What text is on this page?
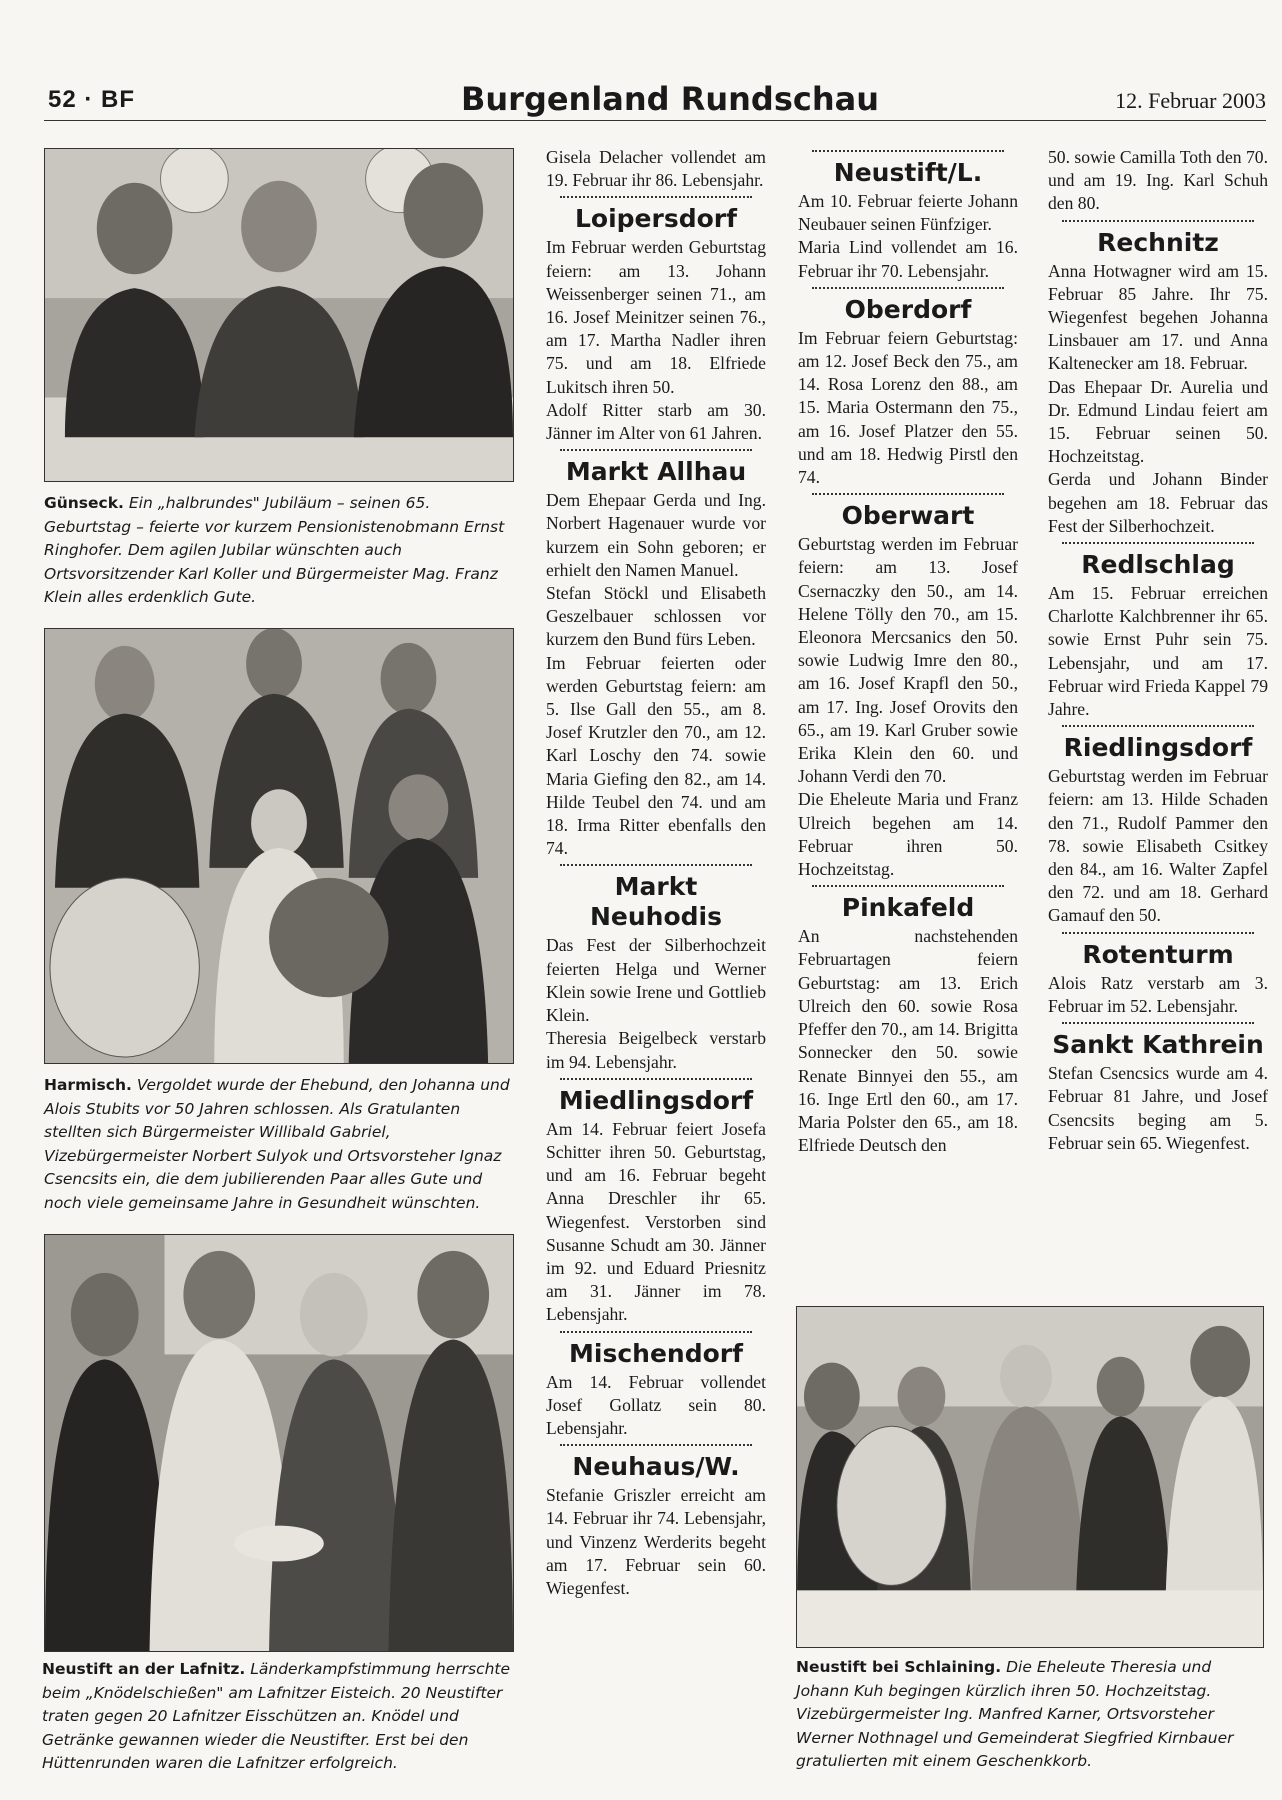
52 · BF	Burgenland Rundschau	12. Februar 2003
Günseck. Ein „halbrundes" Jubiläum – seinen 65. Geburtstag – feierte vor kurzem Pensionistenobmann Ernst Ringhofer. Dem agilen Jubilar wünschten auch Ortsvorsitzender Karl Koller und Bürgermeister Mag. Franz Klein alles erdenklich Gute.
Harmisch. Vergoldet wurde der Ehebund, den Johanna und Alois Stubits vor 50 Jahren schlossen. Als Gratulanten stellten sich Bürgermeister Willibald Gabriel, Vizebürgermeister Norbert Sulyok und Ortsvorsteher Ignaz Csencsits ein, die dem jubilierenden Paar alles Gute und noch viele gemeinsame Jahre in Gesundheit wünschten.
Neustift an der Lafnitz. Länderkampfstimmung herrschte beim „Knödelschießen" am Lafnitzer Eisteich. 20 Neustifter traten gegen 20 Lafnitzer Eisschützen an. Knödel und Getränke gewannen wieder die Neustifter. Erst bei den Hüttenrunden waren die Lafnitzer erfolgreich.
Neustift bei Schlaining. Die Eheleute Theresia und Johann Kuh begingen kürzlich ihren 50. Hochzeitstag. Vizebürgermeister Ing. Manfred Karner, Ortsvorsteher Werner Nothnagel und Gemeinderat Siegfried Kirnbauer gratulierten mit einem Geschenkkorb.

Gisela Delacher vollendet am 19. Februar ihr 86. Lebensjahr.

Loipersdorf

Im Februar werden Geburtstag feiern: am 13. Johann Weissenberger seinen 71., am 16. Josef Meinitzer seinen 76., am 17. Martha Nadler ihren 75. und am 18. Elfriede Lukitsch ihren 50.

Adolf Ritter starb am 30. Jänner im Alter von 61 Jahren.

Markt Allhau

Dem Ehepaar Gerda und Ing. Norbert Hagenauer wurde vor kurzem ein Sohn geboren; er erhielt den Namen Manuel.

Stefan Stöckl und Elisabeth Geszelbauer schlossen vor kurzem den Bund fürs Leben.

Im Februar feierten oder werden Geburtstag feiern: am 5. Ilse Gall den 55., am 8. Josef Krutzler den 70., am 12. Karl Loschy den 74. sowie Maria Giefing den 82., am 14. Hilde Teubel den 74. und am 18. Irma Ritter ebenfalls den 74.

Markt Neuhodis

Das Fest der Silberhochzeit feierten Helga und Werner Klein sowie Irene und Gottlieb Klein.

Theresia Beigelbeck verstarb im 94. Lebensjahr.

Miedlingsdorf

Am 14. Februar feiert Josefa Schitter ihren 50. Geburtstag, und am 16. Februar begeht Anna Dreschler ihr 65. Wiegenfest. Verstorben sind Susanne Schudt am 30. Jänner im 92. und Eduard Priesnitz am 31. Jänner im 78. Lebensjahr.

Mischendorf

Am 14. Februar vollendet Josef Gollatz sein 80. Lebensjahr.

Neuhaus/W.

Stefanie Griszler erreicht am 14. Februar ihr 74. Lebensjahr, und Vinzenz Werderits begeht am 17. Februar sein 60. Wiegenfest.

Neustift/L.

Am 10. Februar feierte Johann Neubauer seinen Fünfziger.

Maria Lind vollendet am 16. Februar ihr 70. Lebensjahr.

Oberdorf

Im Februar feiern Geburtstag: am 12. Josef Beck den 75., am 14. Rosa Lorenz den 88., am 15. Maria Ostermann den 75., am 16. Josef Platzer den 55. und am 18. Hedwig Pirstl den 74.

Oberwart

Geburtstag werden im Februar feiern: am 13. Josef Csernaczky den 50., am 14. Helene Tölly den 70., am 15. Eleonora Mercsanics den 50. sowie Ludwig Imre den 80., am 16. Josef Krapfl den 50., am 17. Ing. Josef Orovits den 65., am 19. Karl Gruber sowie Erika Klein den 60. und Johann Verdi den 70.

Die Eheleute Maria und Franz Ulreich begehen am 14. Februar ihren 50. Hochzeitstag.

Pinkafeld

An nachstehenden Februartagen feiern Geburtstag: am 13. Erich Ulreich den 60. sowie Rosa Pfeffer den 70., am 14. Brigitta Sonnecker den 50. sowie Renate Binnyei den 55., am 16. Inge Ertl den 60., am 17. Maria Polster den 65., am 18. Elfriede Deutsch den

50. sowie Camilla Toth den 70. und am 19. Ing. Karl Schuh den 80.

Rechnitz

Anna Hotwagner wird am 15. Februar 85 Jahre. Ihr 75. Wiegenfest begehen Johanna Linsbauer am 17. und Anna Kaltenecker am 18. Februar.

Das Ehepaar Dr. Aurelia und Dr. Edmund Lindau feiert am 15. Februar seinen 50. Hochzeitstag.

Gerda und Johann Binder begehen am 18. Februar das Fest der Silberhochzeit.

Redlschlag

Am 15. Februar erreichen Charlotte Kalchbrenner ihr 65. sowie Ernst Puhr sein 75. Lebensjahr, und am 17. Februar wird Frieda Kappel 79 Jahre.

Riedlingsdorf

Geburtstag werden im Februar feiern: am 13. Hilde Schaden den 71., Rudolf Pammer den 78. sowie Elisabeth Csitkey den 84., am 16. Walter Zapfel den 72. und am 18. Gerhard Gamauf den 50.

Rotenturm

Alois Ratz verstarb am 3. Februar im 52. Lebensjahr.

Sankt Kathrein

Stefan Csencsics wurde am 4. Februar 81 Jahre, und Josef Csencsits beging am 5. Februar sein 65. Wiegenfest.
